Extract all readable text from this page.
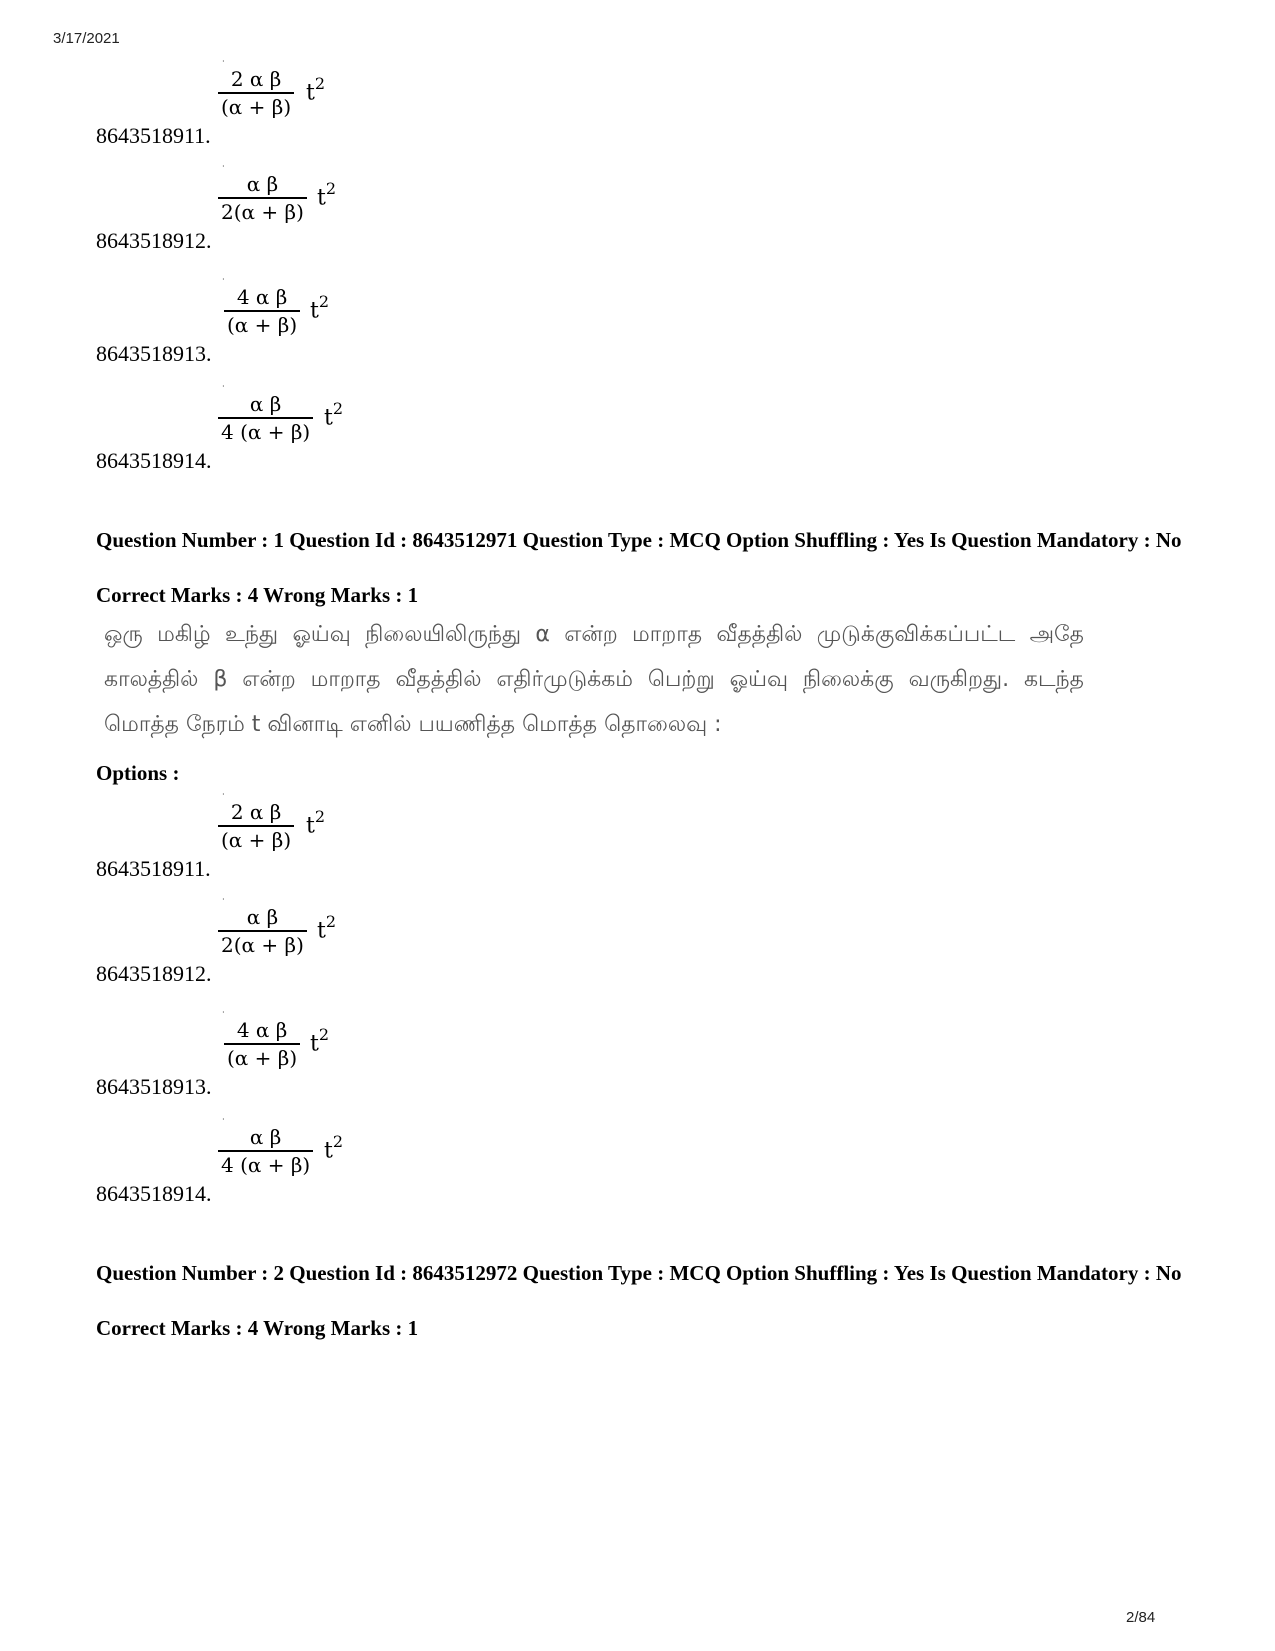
3/17/2021
·
$\frac{\text{2 α β}}{(\alpha + \beta)} t^2$
8643518911.
·
$\frac{\text{α β}}{2(\alpha + \beta)} t^2$
8643518912.
·
$\frac{\text{4 α β}}{(\alpha + \beta)} t^2$
8643518913.
·
$\frac{\text{α β}}{4 (\alpha + \beta)} t^2$
8643518914.
Question Number : 1 Question Id : 8643512971 Question Type : MCQ Option Shuffling : Yes Is Question Mandatory : No
Correct Marks : 4 Wrong Marks : 1
ஒரு மகிழ் உந்து ஓய்வு நிலையிலிருந்து α என்ற மாறாத வீதத்தில் முடுக்குவிக்கப்பட்ட அதே காலத்தில் β என்ற மாறாத வீதத்தில் எதிர்முடுக்கம் பெற்று ஓய்வு நிலைக்கு வருகிறது. கடந்த மொத்த நேரம் t வினாடி எனில் பயணித்த மொத்த தொலைவு :
Options :
·
$\frac{\text{2 α β}}{(\alpha + \beta)} t^2$
8643518911.
·
$\frac{\text{α β}}{2(\alpha + \beta)} t^2$
8643518912.
·
$\frac{\text{4 α β}}{(\alpha + \beta)} t^2$
8643518913.
·
$\frac{\text{α β}}{4 (\alpha + \beta)} t^2$
8643518914.
Question Number : 2 Question Id : 8643512972 Question Type : MCQ Option Shuffling : Yes Is Question Mandatory : No
Correct Marks : 4 Wrong Marks : 1
2/84
